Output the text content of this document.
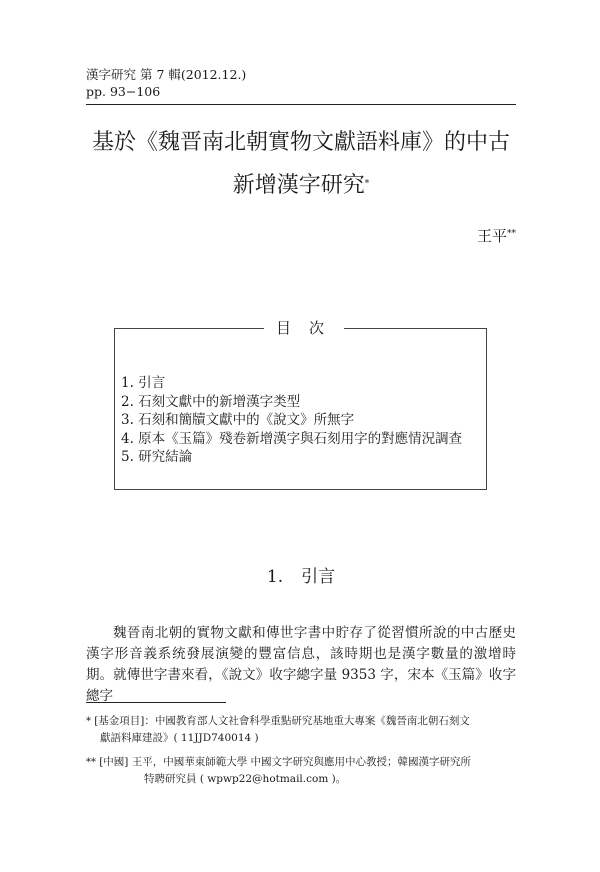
漢字研究 第 7 輯(2012.12.)
pp. 93−106
基於《魏晋南北朝實物文獻語料庫》的中古
新增漢字研究*
王平**
目次
1. 引言
2. 石刻文獻中的新增漢字类型
3. 石刻和簡牘文獻中的《說文》所無字
4. 原本《玉篇》殘卷新增漢字與石刻用字的對應情況調查
5. 研究結論
1. 引言

魏晉南北朝的實物文獻和傳世字書中貯存了從習慣所說的中古歷史漢字形音義系统發展演變的豐富信息，該時期也是漢字數量的激增時期。就傳世字書來看，《說文》收字總字量 9353 字，宋本《玉篇》收字總字

* [基金項目]：中國教育部人文社會科學重點研究基地重大專案《魏晉南北朝石刻文
獻語料庫建設》( 11JJD740014 )
** [中國] 王平，中國華東師範大學 中國文字研究與應用中心教授；韓國漢字研究所
特聘研究員 ( wpwp22@hotmail.com )。
